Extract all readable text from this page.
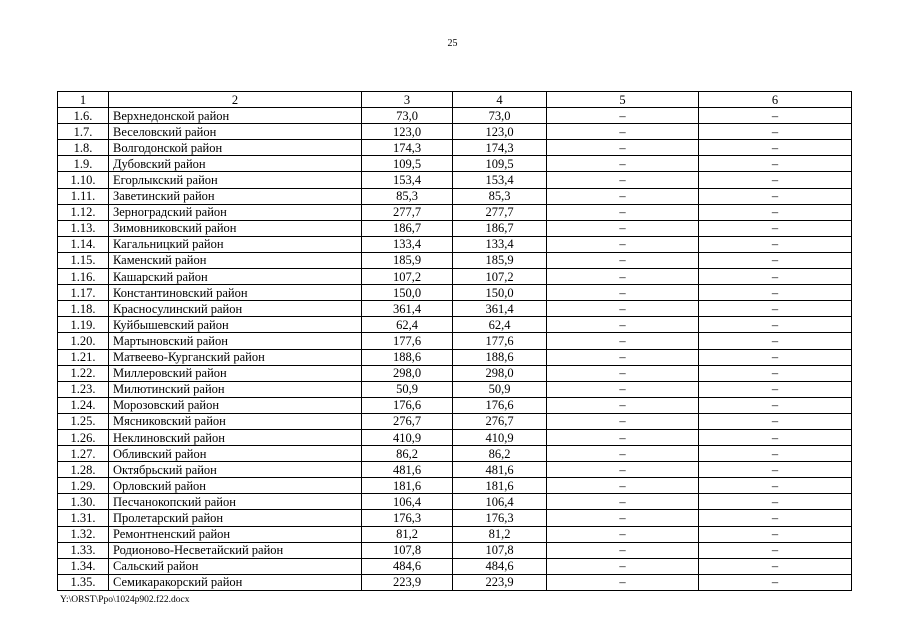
25
1	2	3	4	5	6
1.6.	Верхнедонской район	73,0	73,0	–	–
1.7.	Веселовский район	123,0	123,0	–	–
1.8.	Волгодонской район	174,3	174,3	–	–
1.9.	Дубовский район	109,5	109,5	–	–
1.10.	Егорлыкский район	153,4	153,4	–	–
1.11.	Заветинский район	85,3	85,3	–	–
1.12.	Зерноградский район	277,7	277,7	–	–
1.13.	Зимовниковский район	186,7	186,7	–	–
1.14.	Кагальницкий район	133,4	133,4	–	–
1.15.	Каменский район	185,9	185,9	–	–
1.16.	Кашарский район	107,2	107,2	–	–
1.17.	Константиновский район	150,0	150,0	–	–
1.18.	Красносулинский район	361,4	361,4	–	–
1.19.	Куйбышевский район	62,4	62,4	–	–
1.20.	Мартыновский район	177,6	177,6	–	–
1.21.	Матвеево-Курганский район	188,6	188,6	–	–
1.22.	Миллеровский район	298,0	298,0	–	–
1.23.	Милютинский район	50,9	50,9	–	–
1.24.	Морозовский район	176,6	176,6	–	–
1.25.	Мясниковский район	276,7	276,7	–	–
1.26.	Неклиновский район	410,9	410,9	–	–
1.27.	Обливский район	86,2	86,2	–	–
1.28.	Октябрьский район	481,6	481,6	–	–
1.29.	Орловский район	181,6	181,6	–	–
1.30.	Песчанокопский район	106,4	106,4	–	–
1.31.	Пролетарский район	176,3	176,3	–	–
1.32.	Ремонтненский район	81,2	81,2	–	–
1.33.	Родионово-Несветайский район	107,8	107,8	–	–
1.34.	Сальский район	484,6	484,6	–	–
1.35.	Семикаракорский район	223,9	223,9	–	–
Y:\ORST\Ppo\1024p902.f22.docx
